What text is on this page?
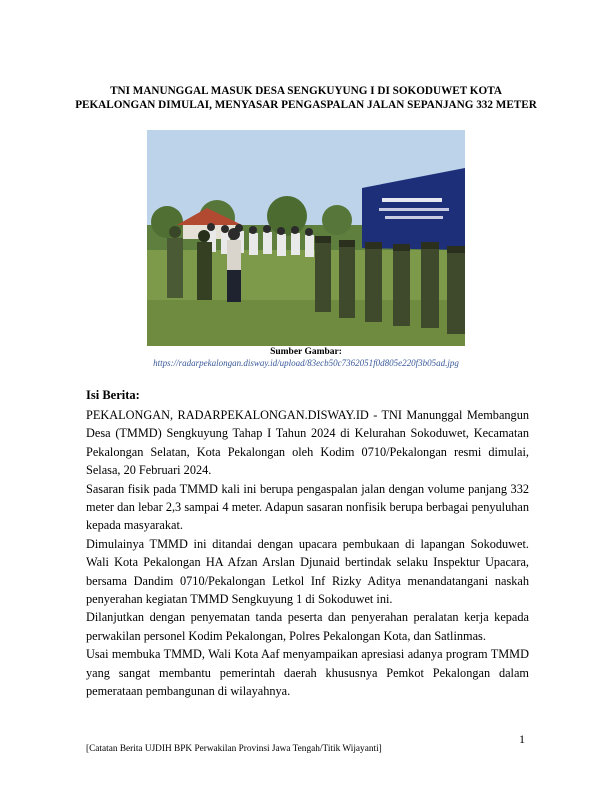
TNI MANUNGGAL MASUK DESA SENGKUYUNG I DI SOKODUWET KOTA PEKALONGAN DIMULAI, MENYASAR PENGASPALAN JALAN SEPANJANG 332 METER
Sumber Gambar:
https://radarpekalongan.disway.id/upload/83ecb50c7362051f0d805e220f3b05ad.jpg
Isi Berita:

PEKALONGAN, RADARPEKALONGAN.DISWAY.ID - TNI Manunggal Membangun Desa (TMMD) Sengkuyung Tahap I Tahun 2024 di Kelurahan Sokoduwet, Kecamatan Pekalongan Selatan, Kota Pekalongan oleh Kodim 0710/Pekalongan resmi dimulai, Selasa, 20 Februari 2024.

Sasaran fisik pada TMMD kali ini berupa pengaspalan jalan dengan volume panjang 332 meter dan lebar 2,3 sampai 4 meter. Adapun sasaran nonfisik berupa berbagai penyuluhan kepada masyarakat.

Dimulainya TMMD ini ditandai dengan upacara pembukaan di lapangan Sokoduwet. Wali Kota Pekalongan HA Afzan Arslan Djunaid bertindak selaku Inspektur Upacara, bersama Dandim 0710/Pekalongan Letkol Inf Rizky Aditya menandatangani naskah penyerahan kegiatan TMMD Sengkuyung 1 di Sokoduwet ini.

Dilanjutkan dengan penyematan tanda peserta dan penyerahan peralatan kerja kepada perwakilan personel Kodim Pekalongan, Polres Pekalongan Kota, dan Satlinmas.

Usai membuka TMMD, Wali Kota Aaf menyampaikan apresiasi adanya program TMMD yang sangat membantu pemerintah daerah khususnya Pemkot Pekalongan dalam pemerataan pembangunan di wilayahnya.

1
[Catatan Berita UJDIH BPK Perwakilan Provinsi Jawa Tengah/Titik Wijayanti]
